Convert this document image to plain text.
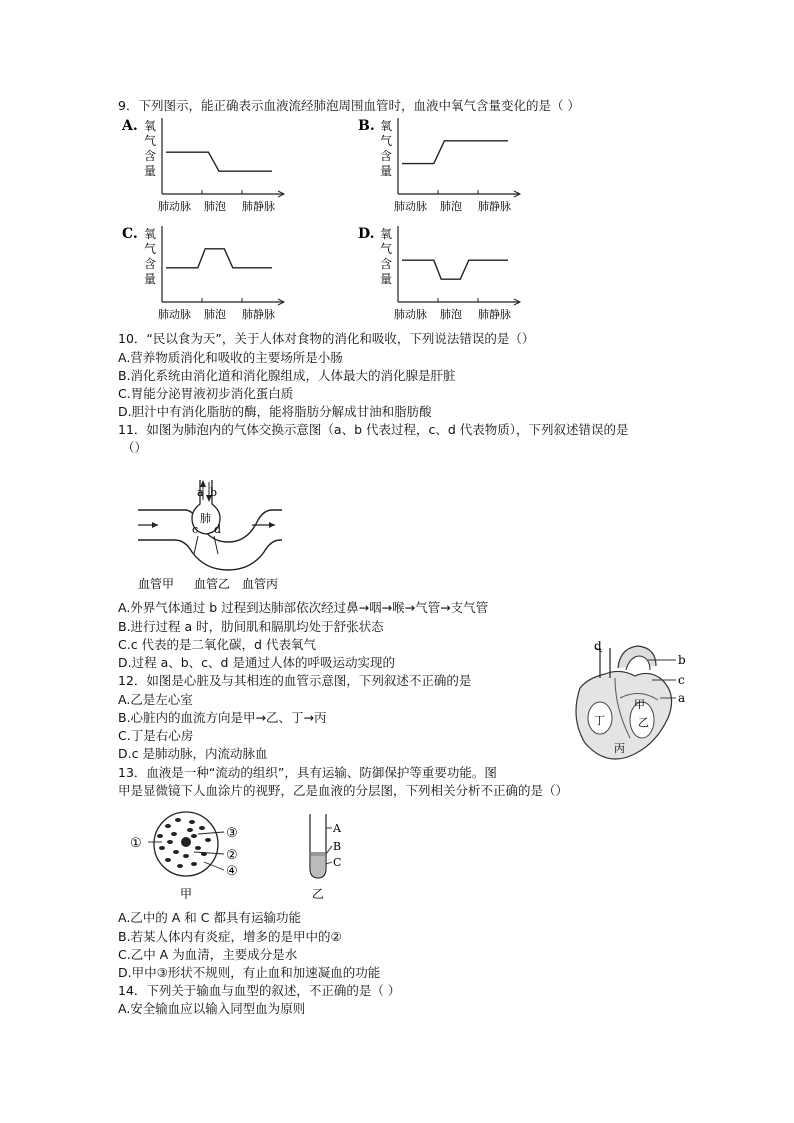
9．下列图示，能正确表示血液流经肺泡周围血管时，血液中氧气含量变化的是（ ）
A. 氧
气
含
量
肺动脉 肺泡 肺静脉
B. 氧
气
含
量
肺动脉 肺泡 肺静脉
C. 氧
气
含
量
肺动脉 肺泡 肺静脉
D. 氧
气
含
量
肺动脉 肺泡 肺静脉
10．“民以食为天”，关于人体对食物的消化和吸收，下列说法错误的是（）
A.营养物质消化和吸收的主要场所是小肠
B.消化系统由消化道和消化腺组成，人体最大的消化腺是肝脏
C.胃能分泌胃液初步消化蛋白质
D.胆汁中有消化脂肪的酶，能将脂肪分解成甘油和脂肪酸
11．如图为肺泡内的气体交换示意图（a、b 代表过程，c、d 代表物质），下列叙述错误的是
（）
a b
肺
c d
血管甲 血管乙 血管丙
A.外界气体通过 b 过程到达肺部依次经过鼻→咽→喉→气管→支气管
B.进行过程 a 时，肋间肌和膈肌均处于舒张状态
C.c 代表的是二氧化碳，d 代表氧气
D.过程 a、b、c、d 是通过人体的呼吸运动实现的
12．如图是心脏及与其相连的血管示意图，下列叙述不正确的是
A.乙是左心室
B.心脏内的血流方向是甲→乙、丁→丙
C.丁是右心房
D.c 是肺动脉，内流动脉血
d
b
c
a
甲
乙
丁
丙
13．血液是一种“流动的组织”，具有运输、防御保护等重要功能。图
甲是显微镜下人血涂片的视野，乙是血液的分层图，下列相关分析不正确的是（）
①
③
②
④
甲
A
B
C
乙
A.乙中的 A 和 C 都具有运输功能
B.若某人体内有炎症，增多的是甲中的②
C.乙中 A 为血清，主要成分是水
D.甲中③形状不规则，有止血和加速凝血的功能
14．下列关于输血与血型的叙述，不正确的是（ ）
A.安全输血应以输入同型血为原则
